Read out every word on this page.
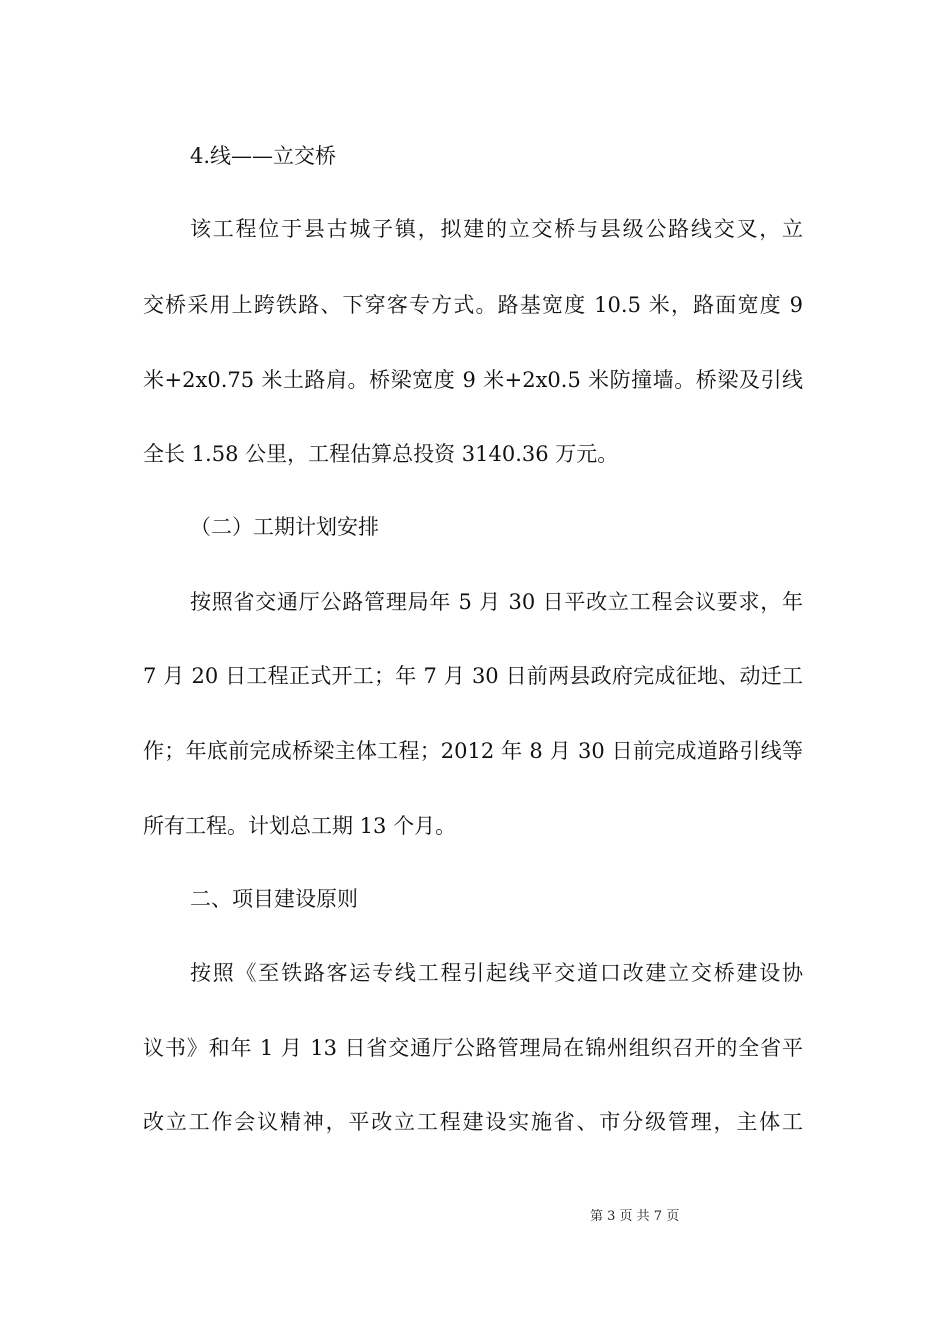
4.线——立交桥
该工程位于县古城子镇，拟建的立交桥与县级公路线交叉，立
交桥采用上跨铁路、下穿客专方式。路基宽度 10.5 米，路面宽度 9
米+2x0.75 米土路肩。桥梁宽度 9 米+2x0.5 米防撞墙。桥梁及引线
全长 1.58 公里，工程估算总投资 3140.36 万元。
（二）工期计划安排
按照省交通厅公路管理局年 5 月 30 日平改立工程会议要求，年
7 月 20 日工程正式开工；年 7 月 30 日前两县政府完成征地、动迁工
作；年底前完成桥梁主体工程；2012 年 8 月 30 日前完成道路引线等
所有工程。计划总工期 13 个月。
二、项目建设原则
按照《至铁路客运专线工程引起线平交道口改建立交桥建设协
议书》和年 1 月 13 日省交通厅公路管理局在锦州组织召开的全省平
改立工作会议精神，平改立工程建设实施省、市分级管理，主体工
第 3 页 共 7 页
